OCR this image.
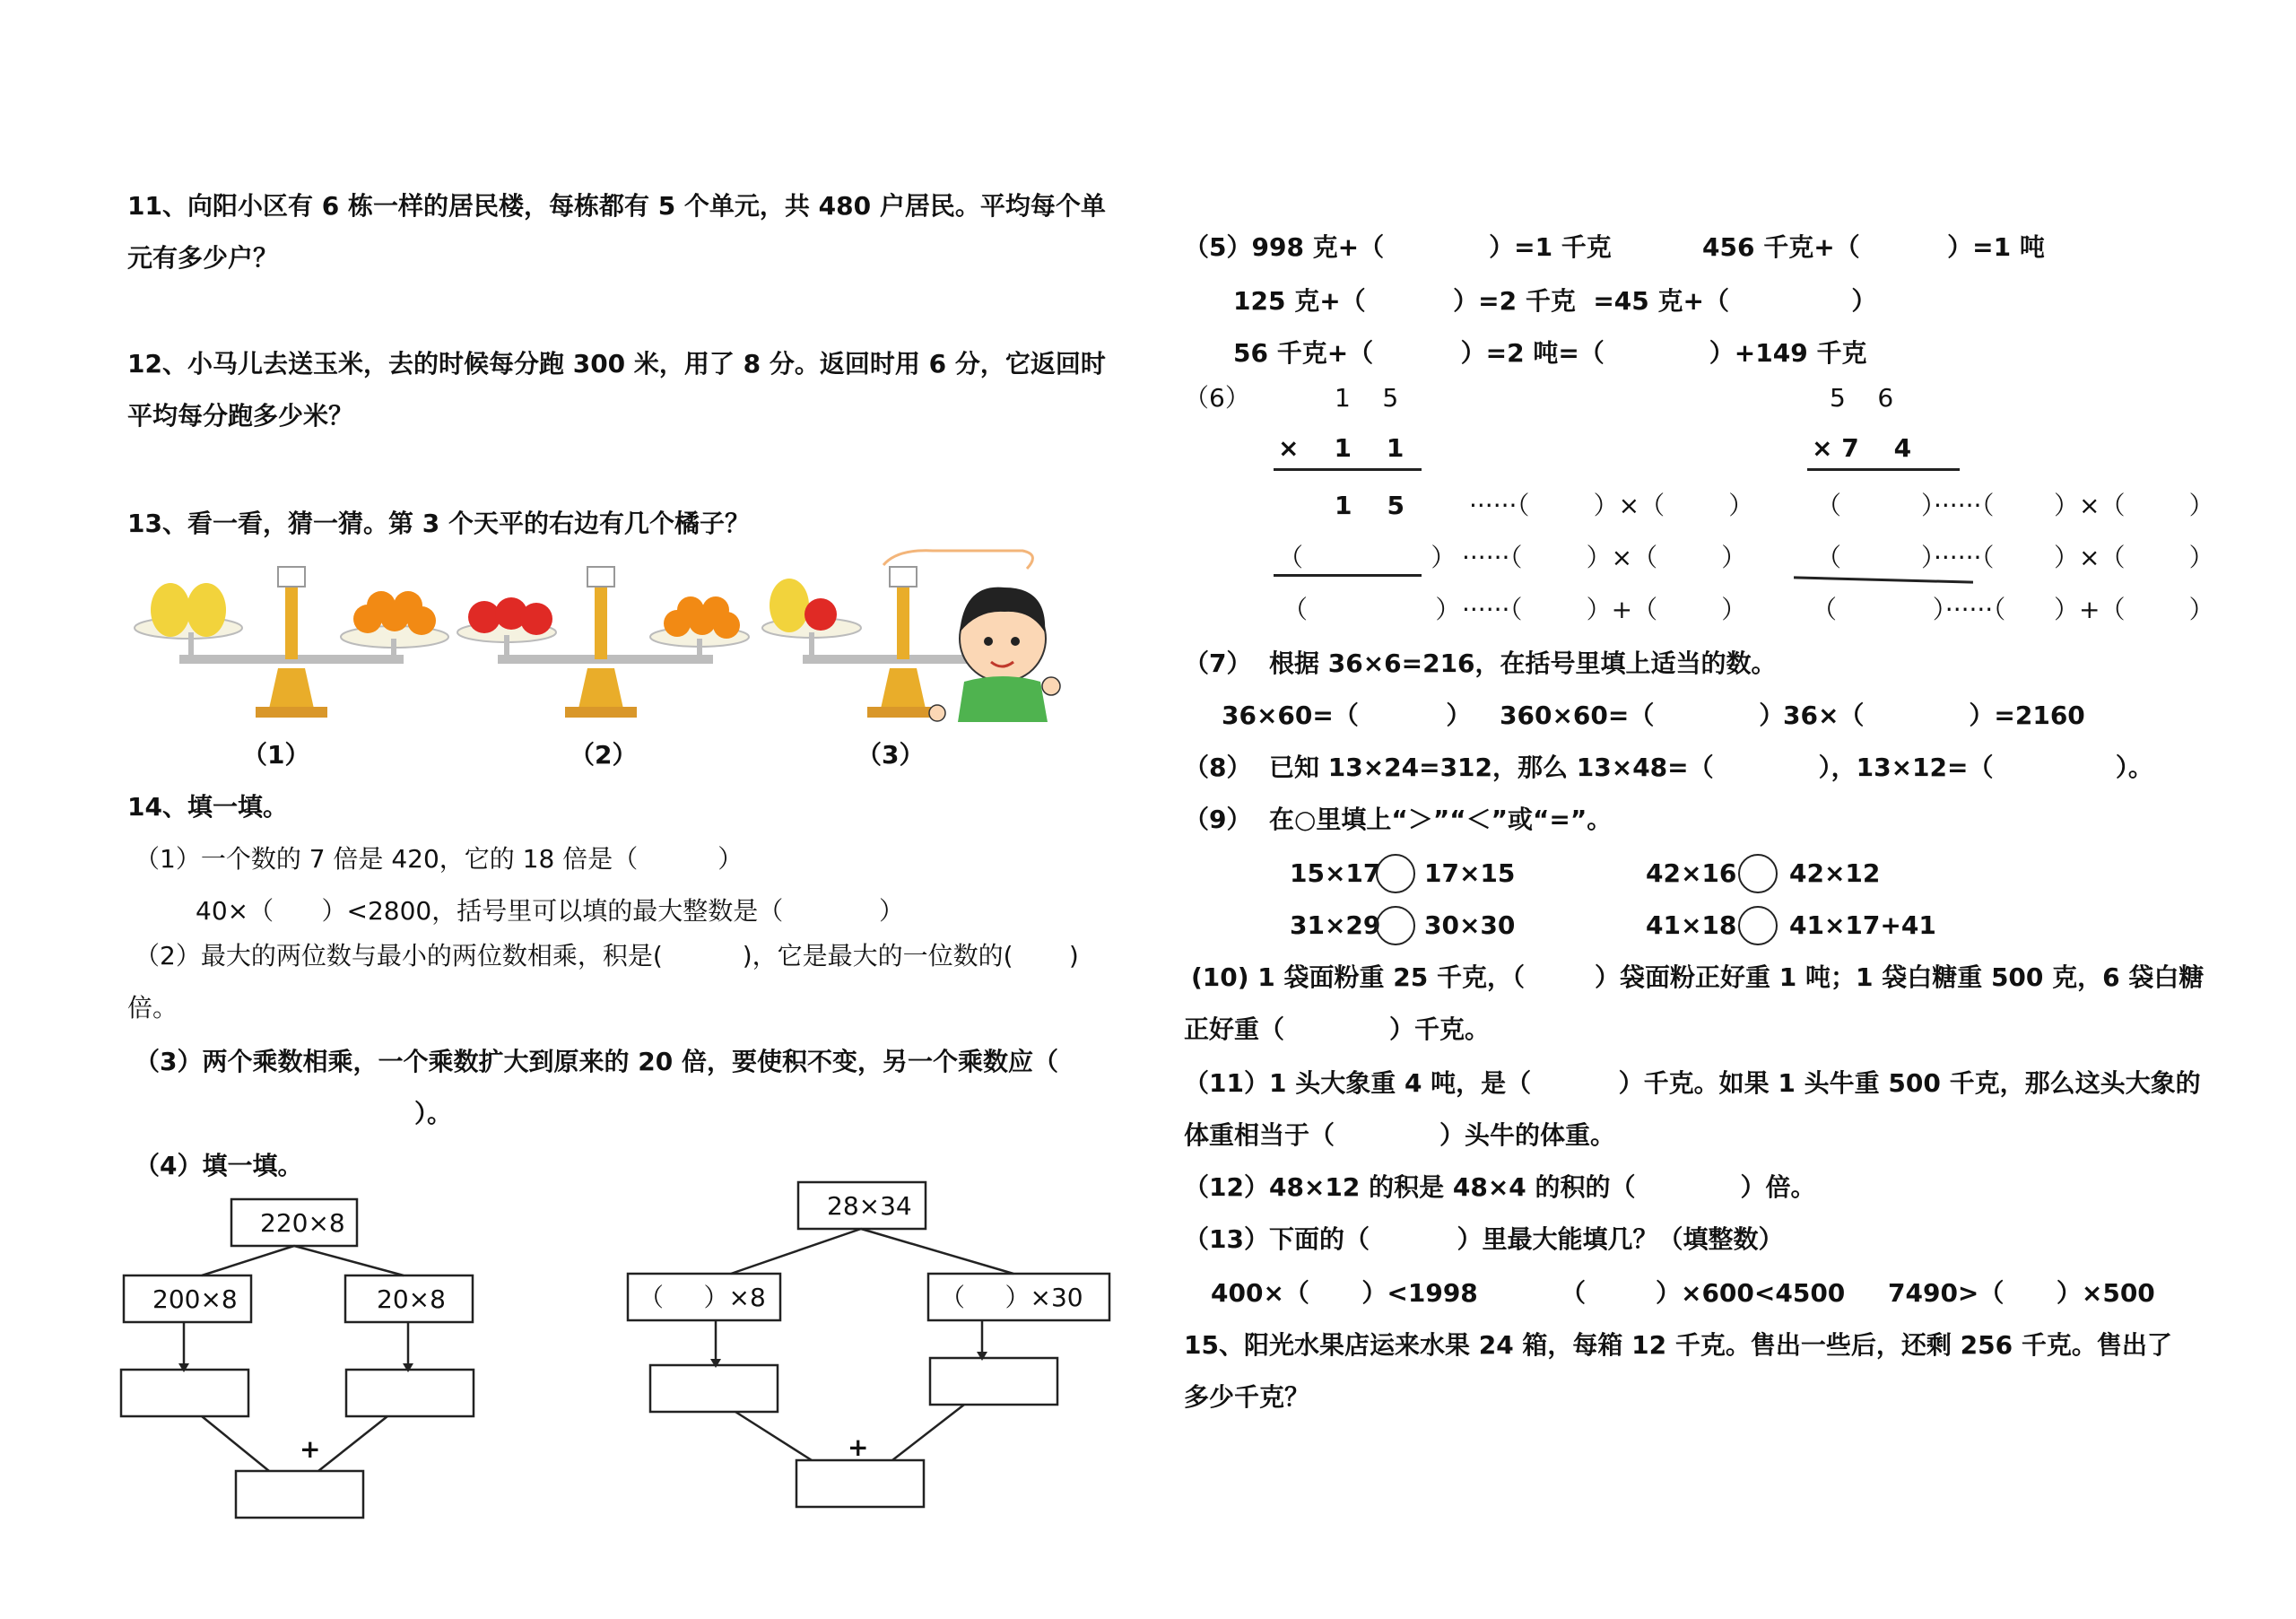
11、向阳小区有 6 栋一样的居民楼，每栋都有 5 个单元，共 480 户居民。平均每个单
元有多少户？
12、小马儿去送玉米，去的时候每分跑 300 米，用了 8 分。返回时用 6 分，它返回时
平均每分跑多少米？
13、看一看，猜一猜。第 3 个天平的右边有几个橘子？
（1）	（2）	（3）
14、填一填。
（1）一个数的 7 倍是 420，它的 18 倍是（          ）
40×（      ）<2800，括号里可以填的最大整数是（            ）
（2）最大的两位数与最小的两位数相乘，积是(          )，它是最大的一位数的(       )
倍。
（3）两个乘数相乘，一个乘数扩大到原来的 20 倍，要使积不变，另一个乘数应（
）。
（4）填一填。
220×8
200×8	20×8
+
28×34
（     ）×8	（     ）×30
+
（5）998 克+（            ）=1 千克	456 千克+（          ）=1 吨
125 克+（          ）=2 千克  =45 克+（              ）
56 千克+（          ）=2 吨=（            ）+149 千克
（6）	1    5
×    1    1
1    5	······（        ）×（        ）
（                ） ······（        ）×（        ）
（                ） ······（        ）+（        ）
5    6
× 7    4
（          ）······（ ）×（        ）
（          ）······（ ）×（        ）
（            ）······（ ）+（        ）
（7）  根据 36×6=216，在括号里填上适当的数。
36×60=（          ） 360×60=（            ）
36×（            ）=2160
（8）  已知 13×24=312，那么 13×48=（            ），13×12=（              ）。
（9）  在○里填上“＞”“＜”或“=”。
15×17 17×15	42×16 42×12
31×29 30×30	41×18 41×17+41
(10) 1 袋面粉重 25 千克，（        ）袋面粉正好重 1 吨；1 袋白糖重 500 克，6 袋白糖
正好重（            ）千克。
（11）1 头大象重 4 吨，是（          ）千克。如果 1 头牛重 500 千克，那么这头大象的
体重相当于（            ）头牛的体重。
（12）48×12 的积是 48×4 的积的（            ）倍。
（13）下面的（          ）里最大能填几？（填整数）
400×（      ）<1998	（        ）×600<4500 7490>（      ）×500
15、阳光水果店运来水果 24 箱，每箱 12 千克。售出一些后，还剩 256 千克。售出了
多少千克？
